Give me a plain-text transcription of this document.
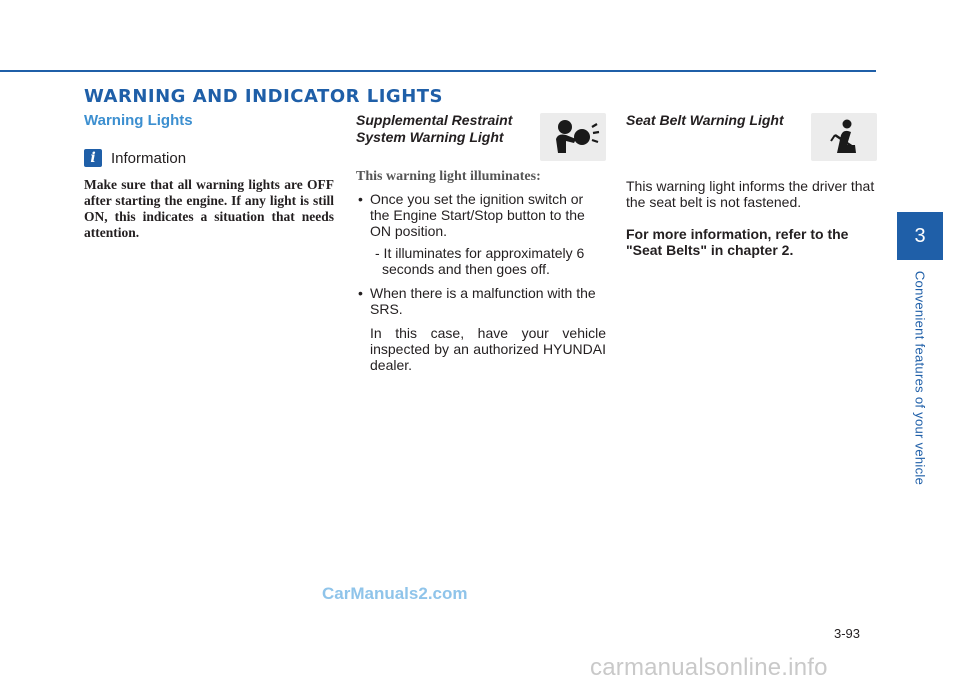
WARNING AND INDICATOR LIGHTS

Warning Lights

i	Information
Make sure that all warning lights are OFF after starting the engine. If any light is still ON, this indicates a situation that needs attention.

Supplemental Restraint

System Warning Light

This warning light illuminates:
• Once you set the ignition switch or the Engine Start/Stop button to the ON position.
- It illuminates for approximately 6 seconds and then goes off.
• When there is a malfunction with the SRS.
In this case, have your vehicle inspected by an authorized HYUNDAI dealer.

Seat Belt Warning Light

This warning light informs the driver that the seat belt is not fastened.
For more information, refer to the "Seat Belts" in chapter 2.
3
Convenient features of your vehicle
3-93
CarManuals2.com
carmanualsonline.info
